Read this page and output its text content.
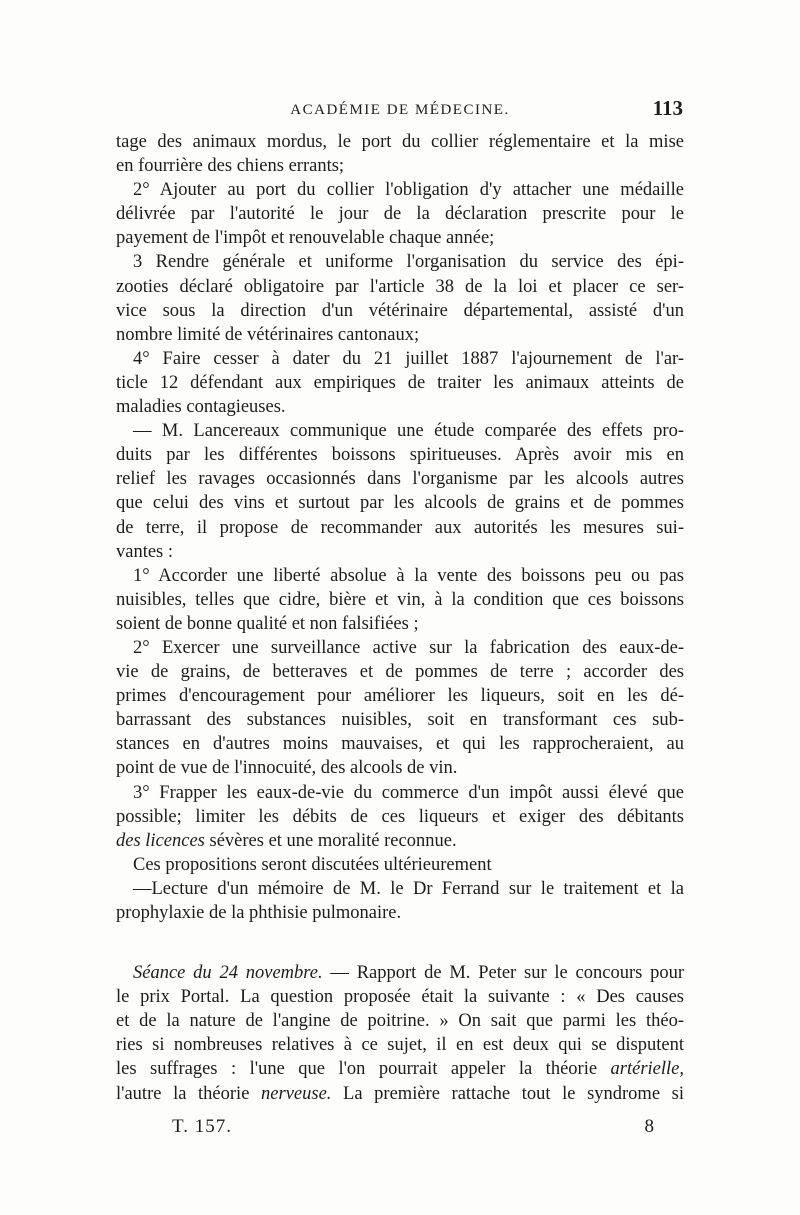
ACADÉMIE DE MÉDECINE.	113
tage des animaux mordus, le port du collier réglementaire et la mise
en fourrière des chiens errants;
2° Ajouter au port du collier l'obligation d'y attacher une médaille
délivrée par l'autorité le jour de la déclaration prescrite pour le
payement de l'impôt et renouvelable chaque année;
3 Rendre générale et uniforme l'organisation du service des épi-
zooties déclaré obligatoire par l'article 38 de la loi et placer ce ser-
vice sous la direction d'un vétérinaire départemental, assisté d'un
nombre limité de vétérinaires cantonaux;
4° Faire cesser à dater du 21 juillet 1887 l'ajournement de l'ar-
ticle 12 défendant aux empiriques de traiter les animaux atteints de
maladies contagieuses.
— M. Lancereaux communique une étude comparée des effets pro-
duits par les différentes boissons spiritueuses. Après avoir mis en
relief les ravages occasionnés dans l'organisme par les alcools autres
que celui des vins et surtout par les alcools de grains et de pommes
de terre, il propose de recommander aux autorités les mesures sui-
vantes :
1° Accorder une liberté absolue à la vente des boissons peu ou pas
nuisibles, telles que cidre, bière et vin, à la condition que ces boissons
soient de bonne qualité et non falsifiées ;
2° Exercer une surveillance active sur la fabrication des eaux-de-
vie de grains, de betteraves et de pommes de terre ; accorder des
primes d'encouragement pour améliorer les liqueurs, soit en les dé-
barrassant des substances nuisibles, soit en transformant ces sub-
stances en d'autres moins mauvaises, et qui les rapprocheraient, au
point de vue de l'innocuité, des alcools de vin.
3° Frapper les eaux-de-vie du commerce d'un impôt aussi élevé que
possible; limiter les débits de ces liqueurs et exiger des débitants
des licences sévères et une moralité reconnue.
Ces propositions seront discutées ultérieurement
—Lecture d'un mémoire de M. le Dr Ferrand sur le traitement et la
prophylaxie de la phthisie pulmonaire.
Séance du 24 novembre. — Rapport de M. Peter sur le concours pour
le prix Portal. La question proposée était la suivante : « Des causes
et de la nature de l'angine de poitrine. » On sait que parmi les théo-
ries si nombreuses relatives à ce sujet, il en est deux qui se disputent
les suffrages : l'une que l'on pourrait appeler la théorie artérielle,
l'autre la théorie nerveuse. La première rattache tout le syndrome si
T. 157.	8
